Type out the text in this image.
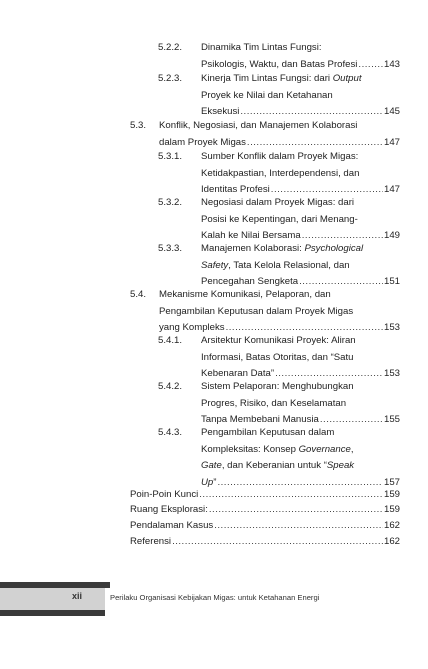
5.2.2. Dinamika Tim Lintas Fungsi:
Psikologis, Waktu, dan Batas Profesi .....	143
5.2.3. Kinerja Tim Lintas Fungsi: dari Output
Proyek ke Nilai dan Ketahanan
Eksekusi .....	145
5.3. Konflik, Negosiasi, dan Manajemen Kolaborasi
dalam Proyek Migas .....	147
5.3.1. Sumber Konflik dalam Proyek Migas:
Ketidakpastian, Interdependensi, dan
Identitas Profesi .....	147
5.3.2. Negosiasi dalam Proyek Migas: dari
Posisi ke Kepentingan, dari Menang-
Kalah ke Nilai Bersama .....	149
5.3.3. Manajemen Kolaborasi: Psychological
Safety, Tata Kelola Relasional, dan
Pencegahan Sengketa .....	151
5.4. Mekanisme Komunikasi, Pelaporan, dan
Pengambilan Keputusan dalam Proyek Migas
yang Kompleks .....	153
5.4.1. Arsitektur Komunikasi Proyek: Aliran
Informasi, Batas Otoritas, dan “Satu
Kebenaran Data” .....	153
5.4.2. Sistem Pelaporan: Menghubungkan
Progres, Risiko, dan Keselamatan
Tanpa Membebani Manusia .....	155
5.4.3. Pengambilan Keputusan dalam
Kompleksitas: Konsep Governance,
Gate, dan Keberanian untuk “Speak
Up” .....	157
Poin-Poin Kunci .....	159
Ruang Eksplorasi: .....	159
Pendalaman Kasus .....	162
Referensi .....	162
xii	Perilaku Organisasi Kebijakan Migas: untuk Ketahanan Energi
